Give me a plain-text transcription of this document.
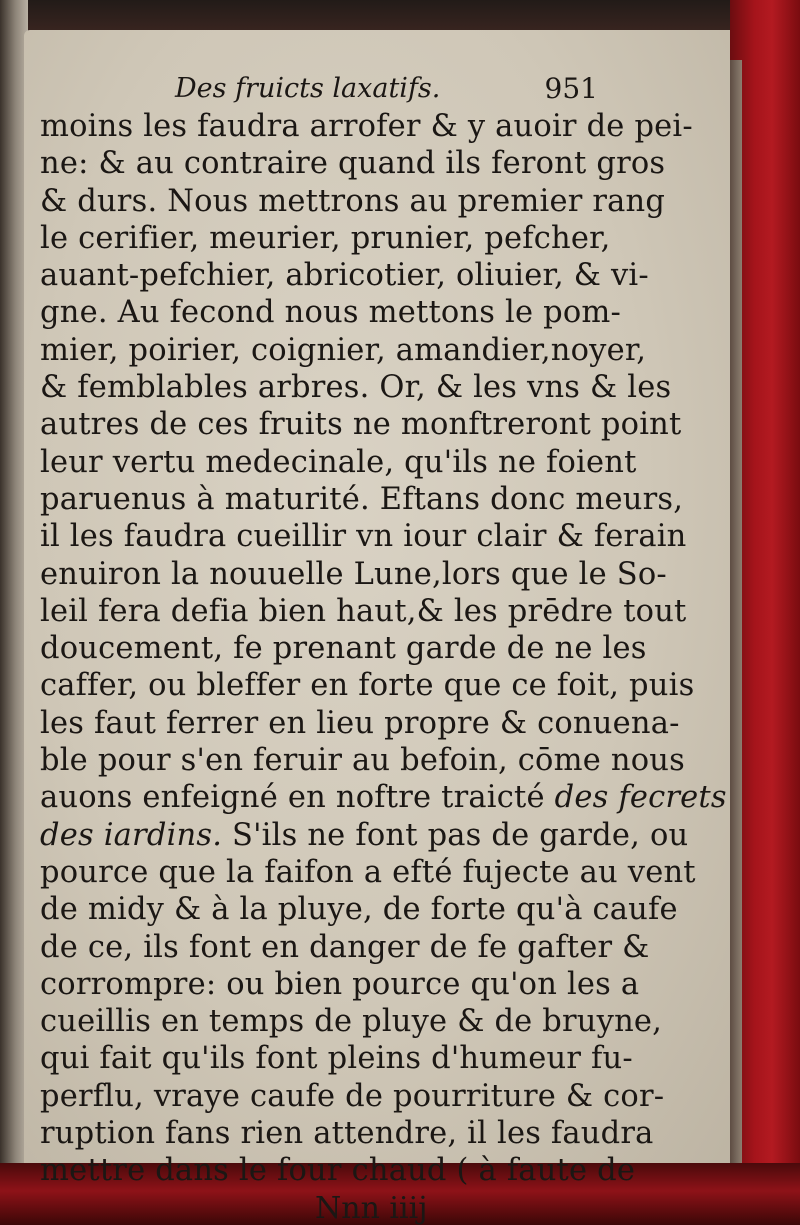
Des fruicts laxatifs.	951
moins les faudra arrofer & y auoir de pei-
ne: & au contraire quand ils feront gros
& durs. Nous mettrons au premier rang
le cerifier, meurier, prunier, pefcher,
auant-pefchier, abricotier, oliuier, & vi-
gne. Au fecond nous mettons le pom-
mier, poirier, coignier, amandier,noyer,
& femblables arbres. Or, & les vns & les
autres de ces fruits ne monftreront point
leur vertu medecinale, qu'ils ne foient
paruenus à maturité. Eftans donc meurs,
il les faudra cueillir vn iour clair & ferain
enuiron la nouuelle Lune,lors que le So-
leil fera defia bien haut,& les prēdre tout
doucement, fe prenant garde de ne les
caffer, ou bleffer en forte que ce foit, puis
les faut ferrer en lieu propre & conuena-
ble pour s'en feruir au befoin, cōme nous
auons enfeigné en noftre traicté des fecrets
des iardins. S'ils ne font pas de garde, ou
pource que la faifon a efté fujecte au vent
de midy & à la pluye, de forte qu'à caufe
de ce, ils font en danger de fe gafter &
corrompre: ou bien pource qu'on les a
cueillis en temps de pluye & de bruyne,
qui fait qu'ils font pleins d'humeur fu-
perflu, vraye caufe de pourriture & cor-
ruption fans rien attendre, il les faudra
mettre dans le four chaud ( à faute de
Nnn iiij
